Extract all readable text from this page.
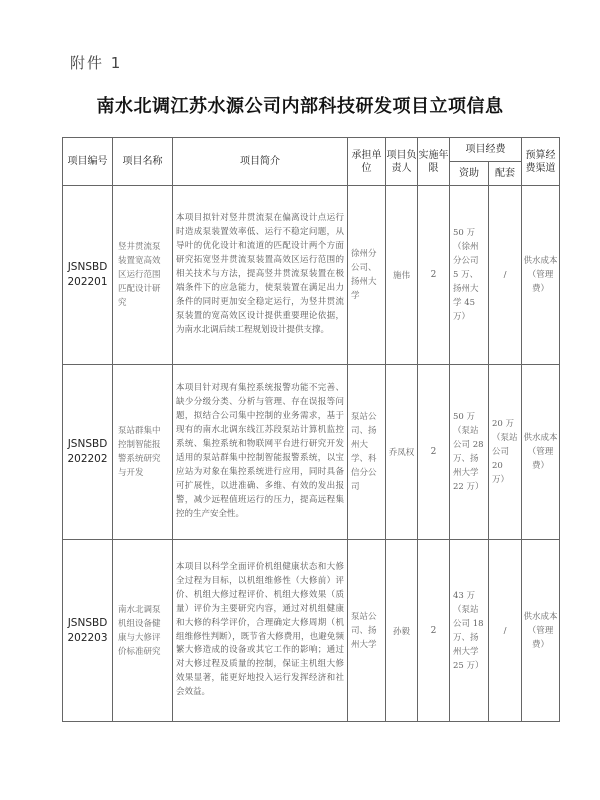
附件 1
南水北调江苏水源公司内部科技研发项目立项信息
项目编号	项目名称	项目简介	承担单位	项目负责人	实施年限	项目经费		预算经费渠道
						资助	配套	
JSNSBD 202201	竖井贯流泵装置宽高效区运行范围匹配设计研究	本项目拟针对竖井贯流泵在偏离设计点运行时造成泵装置效率低、运行不稳定问题，从导叶的优化设计和流道的匹配设计两个方面研究拓宽竖井贯流泵装置高效区运行范围的相关技术与方法，提高竖井贯流泵装置在极端条件下的应急能力，使泵装置在满足出力条件的同时更加安全稳定运行，为竖井贯流泵装置的宽高效区设计提供重要理论依据，为南水北调后续工程规划设计提供支撑。	徐州分公司、扬州大学	施伟	2	50 万（徐州分公司 5 万、扬州大学 45 万）	/	供水成本（管理费）
JSNSBD 202202	泵站群集中控制智能报警系统研究与开发	本项目针对现有集控系统报警功能不完善、缺少分级分类、分析与管理、存在误报等问题，拟结合公司集中控制的业务需求，基于现有的南水北调东线江苏段泵站计算机监控系统、集控系统和物联网平台进行研究开发适用的泵站群集中控制智能报警系统，以宝应站为对象在集控系统进行应用，同时具备可扩展性，以进准确、多维、有效的发出报警，减少远程值班运行的压力，提高远程集控的生产安全性。	泵站公司、扬州大学、科信分公司	乔凤权	2	50 万（泵站公司 28 万、扬州大学 22 万）	20 万（泵站公司 20 万）	供水成本（管理费）
JSNSBD 202203	南水北调泵机组设备健康与大修评价标准研究	本项目以科学全面评价机组健康状态和大修全过程为目标，以机组维修性（大修前）评价、机组大修过程评价、机组大修效果（质量）评价为主要研究内容，通过对机组健康和大修的科学评价，合理确定大修周期（机组维修性判断），既节省大修费用，也避免频繁大修造成的设备或其它工作的影响；通过对大修过程及质量的控制，保证主机组大修效果显著，能更好地投入运行发挥经济和社会效益。	泵站公司、扬州大学	孙毅	2	43 万（泵站公司 18 万、扬州大学 25 万）	/	供水成本（管理费）
